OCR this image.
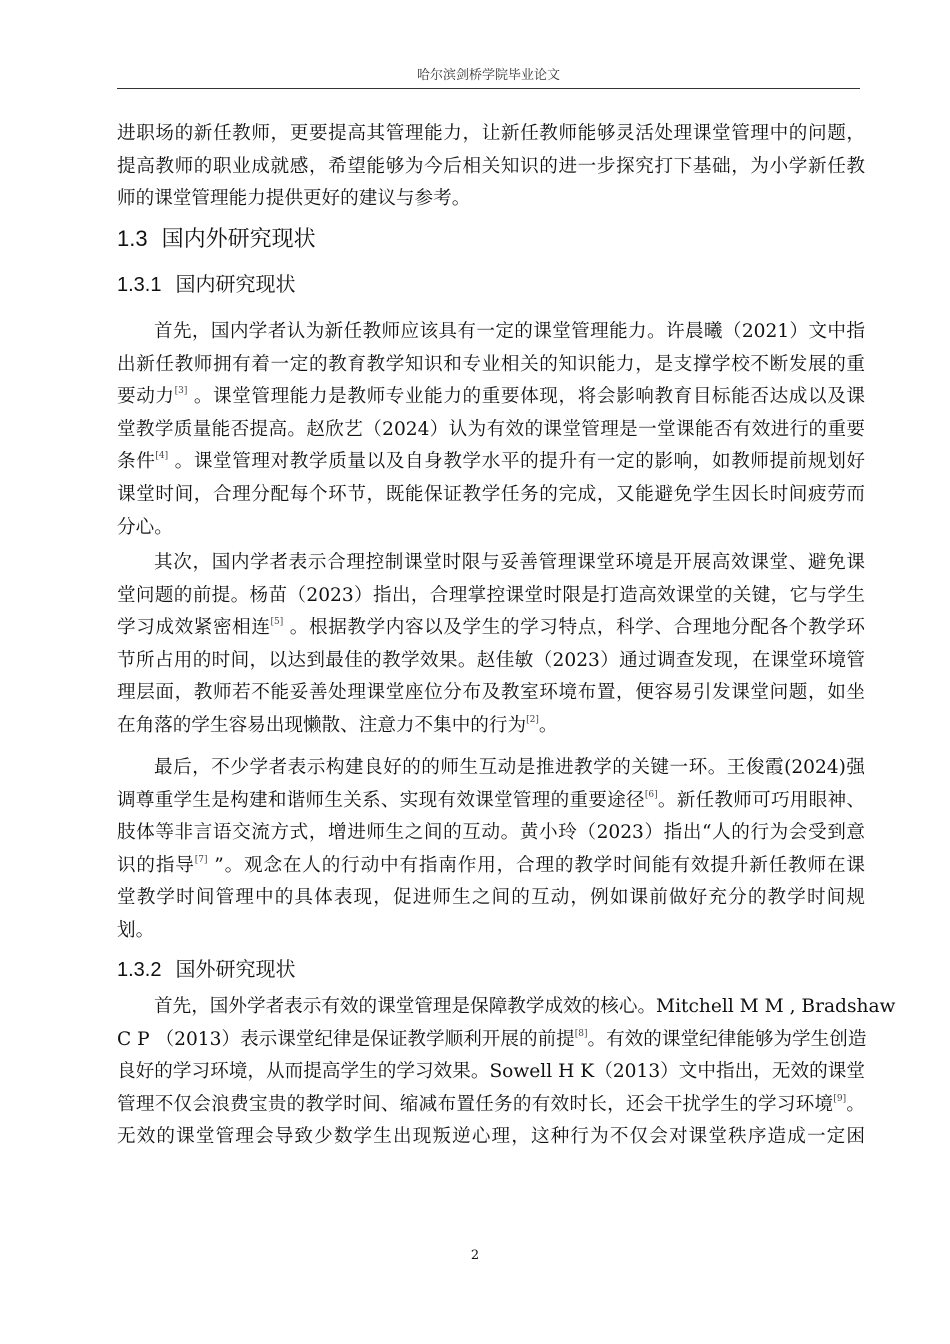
哈尔滨剑桥学院毕业论文
进职场的新任教师，更要提高其管理能力，让新任教师能够灵活处理课堂管理中的问题，
提高教师的职业成就感，希望能够为今后相关知识的进一步探究打下基础，为小学新任教
师的课堂管理能力提供更好的建议与参考。
1.3 国内外研究现状
1.3.1 国内研究现状
首先，国内学者认为新任教师应该具有一定的课堂管理能力。许晨曦（2021）文中指
出新任教师拥有着一定的教育教学知识和专业相关的知识能力，是支撑学校不断发展的重
要动力[3] 。课堂管理能力是教师专业能力的重要体现，将会影响教育目标能否达成以及课
堂教学质量能否提高。赵欣艺（2024）认为有效的课堂管理是一堂课能否有效进行的重要
条件[4] 。课堂管理对教学质量以及自身教学水平的提升有一定的影响，如教师提前规划好
课堂时间，合理分配每个环节，既能保证教学任务的完成，又能避免学生因长时间疲劳而
分心。
其次，国内学者表示合理控制课堂时限与妥善管理课堂环境是开展高效课堂、避免课
堂问题的前提。杨苗（2023）指出，合理掌控课堂时限是打造高效课堂的关键，它与学生
学习成效紧密相连[5] 。根据教学内容以及学生的学习特点，科学、合理地分配各个教学环
节所占用的时间，以达到最佳的教学效果。赵佳敏（2023）通过调查发现，在课堂环境管
理层面，教师若不能妥善处理课堂座位分布及教室环境布置，便容易引发课堂问题，如坐
在角落的学生容易出现懒散、注意力不集中的行为[2]。
最后，不少学者表示构建良好的的师生互动是推进教学的关键一环。王俊霞(2024)强
调尊重学生是构建和谐师生关系、实现有效课堂管理的重要途径[6]。新任教师可巧用眼神、
肢体等非言语交流方式，增进师生之间的互动。黄小玲（2023）指出“人的行为会受到意
识的指导[7] ”。观念在人的行动中有指南作用，合理的教学时间能有效提升新任教师在课
堂教学时间管理中的具体表现，促进师生之间的互动，例如课前做好充分的教学时间规
划。
1.3.2 国外研究现状
首先，国外学者表示有效的课堂管理是保障教学成效的核心。Mitchell M M , Bradshaw
C P （2013）表示课堂纪律是保证教学顺利开展的前提[8]。有效的课堂纪律能够为学生创造
良好的学习环境，从而提高学生的学习效果。Sowell H K（2013）文中指出，无效的课堂
管理不仅会浪费宝贵的教学时间、缩减布置任务的有效时长，还会干扰学生的学习环境[9]。
无效的课堂管理会导致少数学生出现叛逆心理，这种行为不仅会对课堂秩序造成一定困
2
